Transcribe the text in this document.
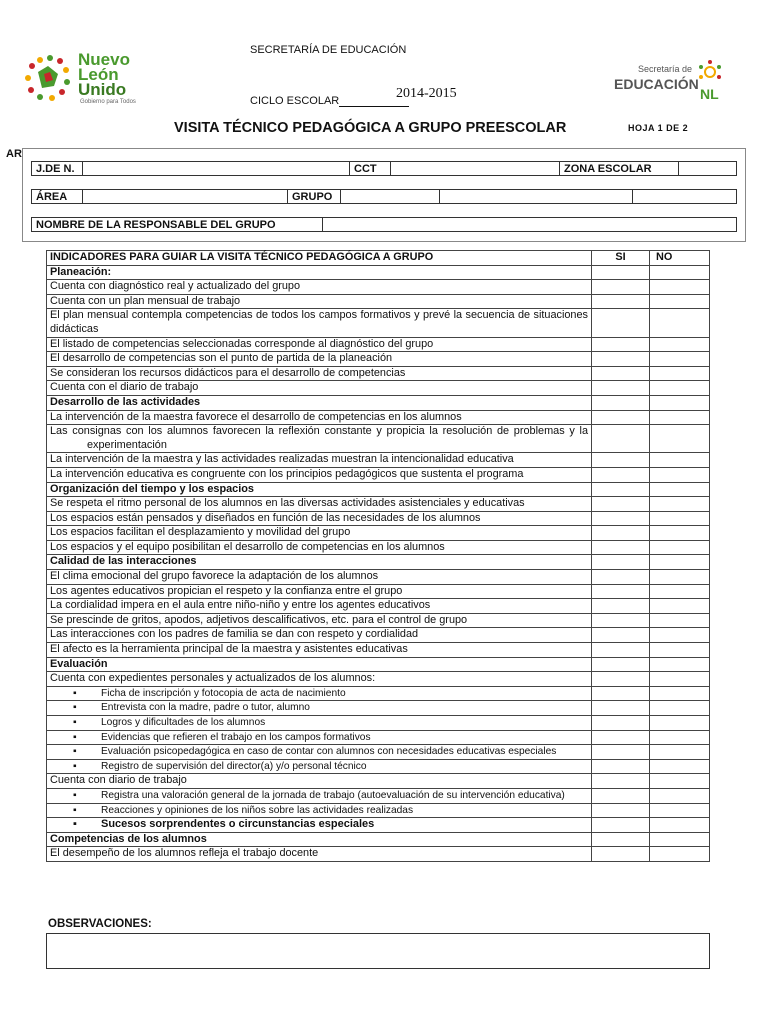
Nuevo
León
Unido
Gobierno para Todos
Secretaría de
EDUCACIÓN
NL
SECRETARÍA DE EDUCACIÓN
2014-2015
CICLO ESCOLAR
VISITA TÉCNICO PEDAGÓGICA A GRUPO PREESCOLAR	HOJA 1 DE 2
AR
J.DE N.		CCT		ZONA ESCOLAR	
ÁREA		GRUPO			
NOMBRE DE LA RESPONSABLE DEL GRUPO	
INDICADORES PARA GUIAR LA VISITA TÉCNICO PEDAGÓGICA A GRUPO	SI	NO
Planeación:		
Cuenta con diagnóstico real y actualizado del grupo		
Cuenta con un plan mensual de trabajo		
El plan mensual contempla competencias de todos los campos formativos y prevé la secuencia de situaciones didácticas		
El listado de competencias seleccionadas corresponde al diagnóstico del grupo		
El desarrollo de competencias son el punto de partida de la planeación		
Se consideran los recursos didácticos para el desarrollo de competencias		
Cuenta con el diario de trabajo		
Desarrollo de las actividades		
La intervención de la maestra favorece el desarrollo de competencias en los alumnos		
Las consignas con los alumnos favorecen la reflexión constante y propicia la resolución de problemas y la experimentación		
La intervención de la maestra y las actividades realizadas muestran la intencionalidad educativa		
La intervención educativa es congruente con los principios pedagógicos que sustenta el programa		
Organización del tiempo y los espacios		
Se respeta el ritmo personal de los alumnos en las diversas actividades asistenciales y educativas		
Los espacios están pensados y diseñados en función de las necesidades de los alumnos		
Los espacios facilitan el desplazamiento y movilidad del grupo		
Los espacios y el equipo posibilitan el desarrollo de competencias en los alumnos		
Calidad de las interacciones		
El clima emocional del grupo favorece la adaptación de los alumnos		
Los agentes educativos propician el respeto y la confianza entre el grupo		
La cordialidad impera en el aula entre niño-niño y entre los agentes educativos		
Se prescinde de gritos, apodos, adjetivos descalificativos, etc. para el control de grupo		
Las interacciones con los padres de familia se dan con respeto y cordialidad		
El afecto es la herramienta principal de la maestra y asistentes educativas		
Evaluación		
Cuenta con expedientes personales y actualizados de los alumnos:		
▪ Ficha de inscripción y fotocopia de acta de nacimiento		
▪ Entrevista con la madre, padre o tutor, alumno		
▪ Logros y dificultades de los alumnos		
▪ Evidencias que refieren el trabajo en los campos formativos		
▪ Evaluación psicopedagógica en caso de contar con alumnos con necesidades educativas especiales		
▪ Registro de supervisión del director(a) y/o personal técnico		
Cuenta con diario de trabajo		
▪ Registra una valoración general de la jornada de trabajo (autoevaluación de su intervención educativa)		
▪ Reacciones y opiniones de los niños sobre las actividades realizadas		
▪ Sucesos sorprendentes o circunstancias especiales		
Competencias de los alumnos		
El desempeño de los alumnos refleja el trabajo docente		
OBSERVACIONES:
